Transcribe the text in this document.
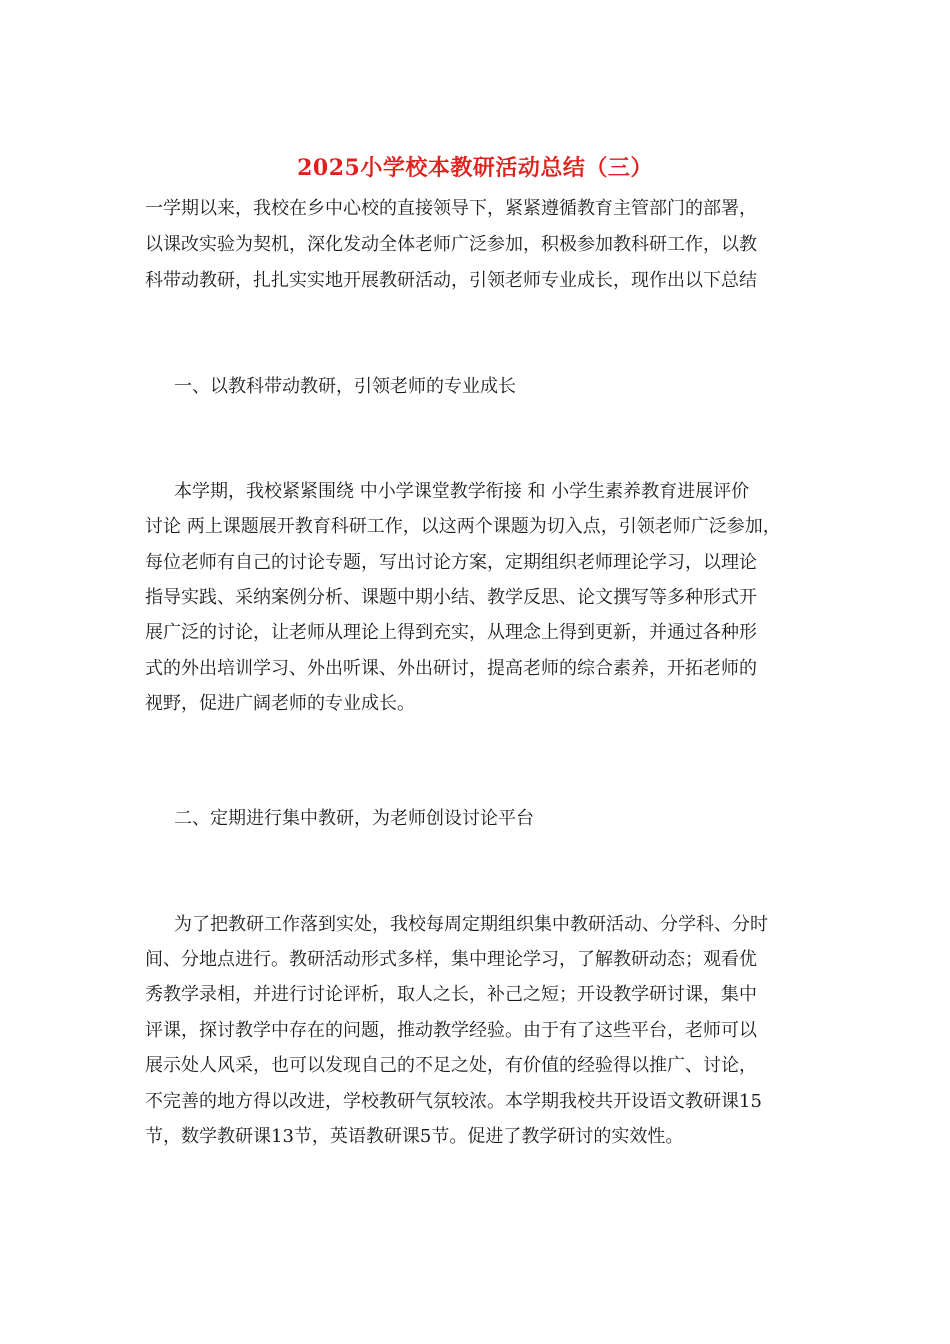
2025小学校本教研活动总结（三）
一学期以来，我校在乡中心校的直接领导下，紧紧遵循教育主管部门的部署，
以课改实验为契机，深化发动全体老师广泛参加，积极参加教科研工作，以教
科带动教研，扎扎实实地开展教研活动，引领老师专业成长，现作出以下总结
一、以教科带动教研，引领老师的专业成长
本学期，我校紧紧围绕 中小学课堂教学衔接 和 小学生素养教育进展评价
讨论 两上课题展开教育科研工作，以这两个课题为切入点，引领老师广泛参加，
每位老师有自己的讨论专题，写出讨论方案，定期组织老师理论学习，以理论
指导实践、采纳案例分析、课题中期小结、教学反思、论文撰写等多种形式开
展广泛的讨论，让老师从理论上得到充实，从理念上得到更新，并通过各种形
式的外出培训学习、外出听课、外出研讨，提高老师的综合素养，开拓老师的
视野，促进广阔老师的专业成长。
二、定期进行集中教研，为老师创设讨论平台
为了把教研工作落到实处，我校每周定期组织集中教研活动、分学科、分时
间、分地点进行。教研活动形式多样，集中理论学习，了解教研动态；观看优
秀教学录相，并进行讨论评析，取人之长，补己之短；开设教学研讨课，集中
评课，探讨教学中存在的问题，推动教学经验。由于有了这些平台，老师可以
展示处人风采，也可以发现自己的不足之处，有价值的经验得以推广、讨论，
不完善的地方得以改进，学校教研气氛较浓。本学期我校共开设语文教研课15
节，数学教研课13节，英语教研课5节。促进了教学研讨的实效性。
